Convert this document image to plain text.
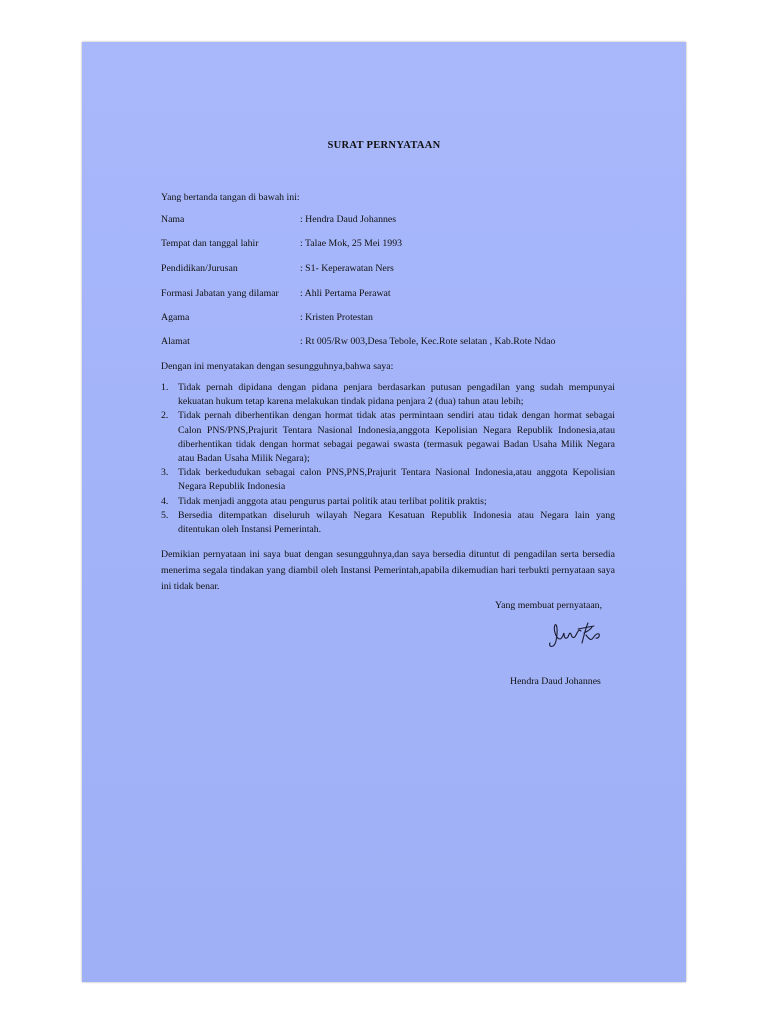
SURAT PERNYATAAN
Yang bertanda tangan di bawah ini:
Nama	: Hendra Daud Johannes
Tempat dan tanggal lahir	: Talae Mok, 25 Mei 1993
Pendidikan/Jurusan	: S1- Keperawatan Ners
Formasi Jabatan yang dilamar : Ahli Pertama Perawat
Agama	: Kristen Protestan
Alamat	: Rt 005/Rw 003,Desa Tebole, Kec.Rote selatan , Kab.Rote Ndao
Dengan ini menyatakan dengan sesungguhnya,bahwa saya:
1. Tidak pernah dipidana dengan pidana penjara berdasarkan putusan pengadilan yang sudah mempunyai kekuatan hukum tetap karena melakukan tindak pidana penjara 2 (dua) tahun atau lebih;
2. Tidak pernah diberhentikan dengan hormat tidak atas permintaan sendiri atau tidak dengan hormat sebagai Calon PNS/PNS,Prajurit Tentara Nasional Indonesia,anggota Kepolisian Negara Republik Indonesia,atau diberhentikan tidak dengan hormat sebagai pegawai swasta (termasuk pegawai Badan Usaha Milik Negara atau Badan Usaha Milik Negara);
3. Tidak berkedudukan sebagai calon PNS,PNS,Prajurit Tentara Nasional Indonesia,atau anggota Kepolisian Negara Republik Indonesia
4. Tidak menjadi anggota atau pengurus partai politik atau terlibat politik praktis;
5. Bersedia ditempatkan diseluruh wilayah Negara Kesatuan Republik Indonesia atau Negara lain yang ditentukan oleh Instansi Pemerintah.
Demikian pernyataan ini saya buat dengan sesungguhnya,dan saya bersedia dituntut di pengadilan serta bersedia menerima segala tindakan yang diambil oleh Instansi Pemerintah,apabila dikemudian hari terbukti pernyataan saya ini tidak benar.
Yang membuat pernyataan,
Hendra Daud Johannes
